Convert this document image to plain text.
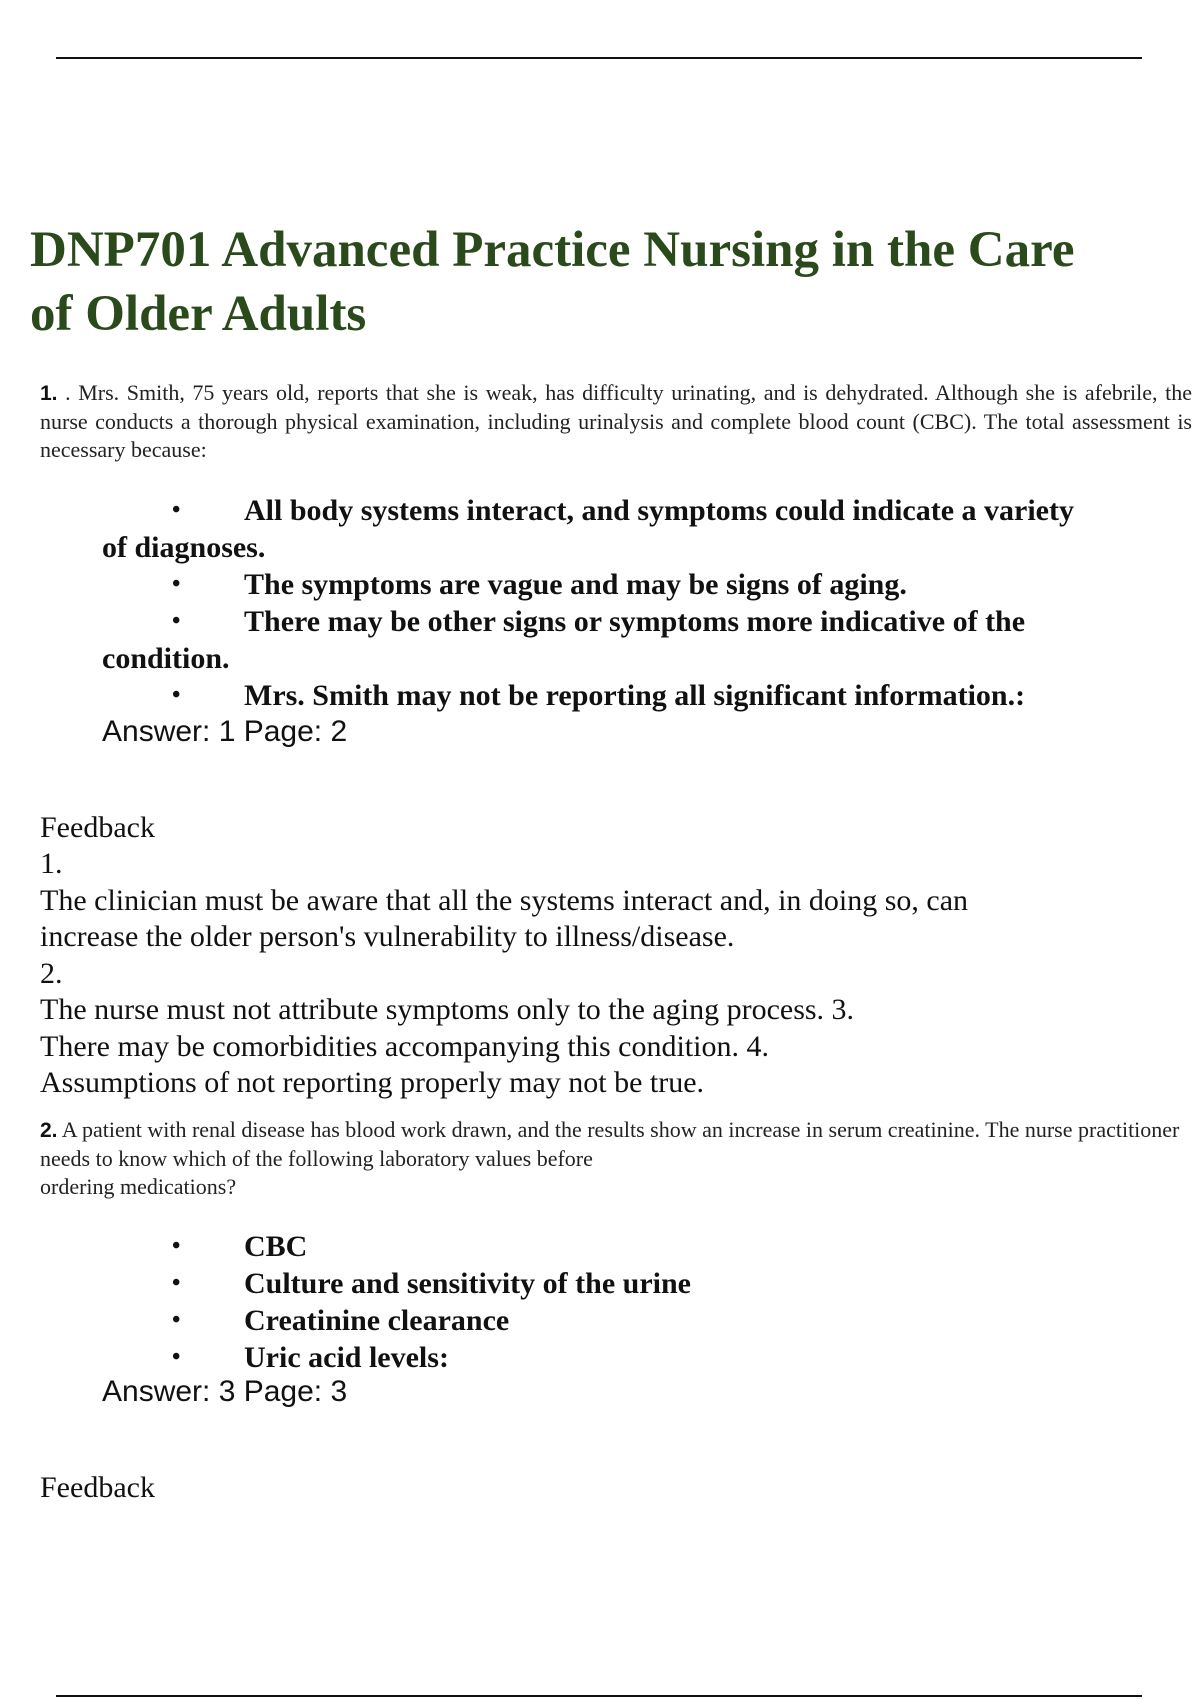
DNP701 Advanced Practice Nursing in the Care
of Older Adults

1. . Mrs. Smith, 75 years old, reports that she is weak, has difficulty urinating, and is dehydrated. Although she is afebrile, the nurse conducts a thorough physical examination, including urinalysis and complete blood count (CBC). The total assessment is necessary because:

• All body systems interact, and symptoms could indicate a variety of diagnoses.
• The symptoms are vague and may be signs of aging.
• There may be other signs or symptoms more indicative of the condition.
• Mrs. Smith may not be reporting all significant information.:

Answer: 1 Page: 2

Feedback

1.
The clinician must be aware that all the systems interact and, in doing so, can
increase the older person's vulnerability to illness/disease.
2.
The nurse must not attribute symptoms only to the aging process. 3.
There may be comorbidities accompanying this condition. 4.
Assumptions of not reporting properly may not be true.

2. A patient with renal disease has blood work drawn, and the results show an increase in serum creatinine. The nurse practitioner needs to know which of the following laboratory values before
ordering medications?

• CBC
• Culture and sensitivity of the urine
• Creatinine clearance
• Uric acid levels:

Answer: 3 Page: 3

Feedback
